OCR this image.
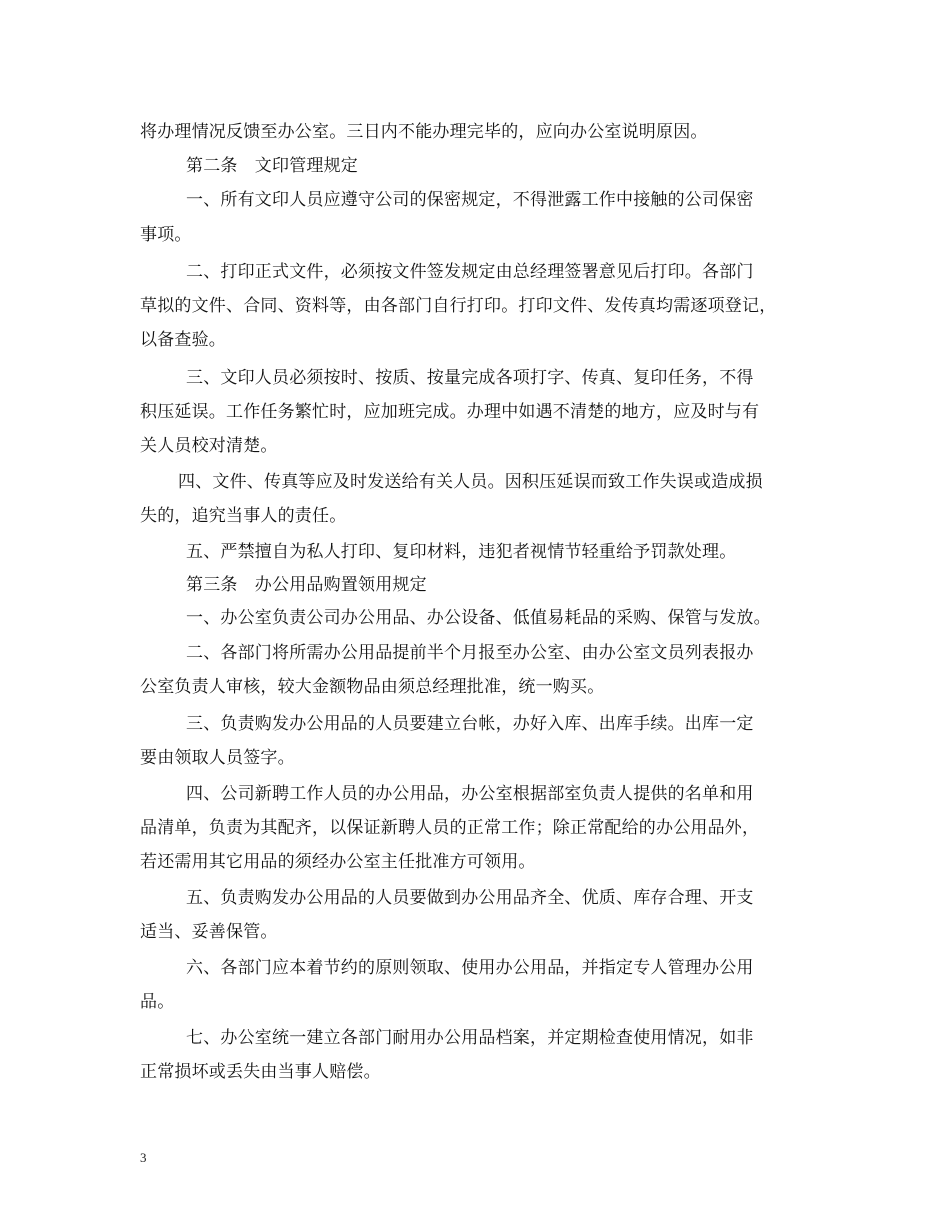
将办理情况反馈至办公室。三日内不能办理完毕的，应向办公室说明原因。
第二条　文印管理规定
一、所有文印人员应遵守公司的保密规定，不得泄露工作中接触的公司保密
事项。
二、打印正式文件，必须按文件签发规定由总经理签署意见后打印。各部门
草拟的文件、合同、资料等，由各部门自行打印。打印文件、发传真均需逐项登记，
以备查验。
三、文印人员必须按时、按质、按量完成各项打字、传真、复印任务，不得
积压延误。工作任务繁忙时，应加班完成。办理中如遇不清楚的地方，应及时与有
关人员校对清楚。
四、文件、传真等应及时发送给有关人员。因积压延误而致工作失误或造成损
失的，追究当事人的责任。
五、严禁擅自为私人打印、复印材料，违犯者视情节轻重给予罚款处理。
第三条　办公用品购置领用规定
一、办公室负责公司办公用品、办公设备、低值易耗品的采购、保管与发放。
二、各部门将所需办公用品提前半个月报至办公室、由办公室文员列表报办
公室负责人审核，较大金额物品由须总经理批准，统一购买。
三、负责购发办公用品的人员要建立台帐，办好入库、出库手续。出库一定
要由领取人员签字。
四、公司新聘工作人员的办公用品，办公室根据部室负责人提供的名单和用
品清单，负责为其配齐，以保证新聘人员的正常工作；除正常配给的办公用品外，
若还需用其它用品的须经办公室主任批准方可领用。
五、负责购发办公用品的人员要做到办公用品齐全、优质、库存合理、开支
适当、妥善保管。
六、各部门应本着节约的原则领取、使用办公用品，并指定专人管理办公用
品。
七、办公室统一建立各部门耐用办公用品档案，并定期检查使用情况，如非
正常损坏或丢失由当事人赔偿。
3
